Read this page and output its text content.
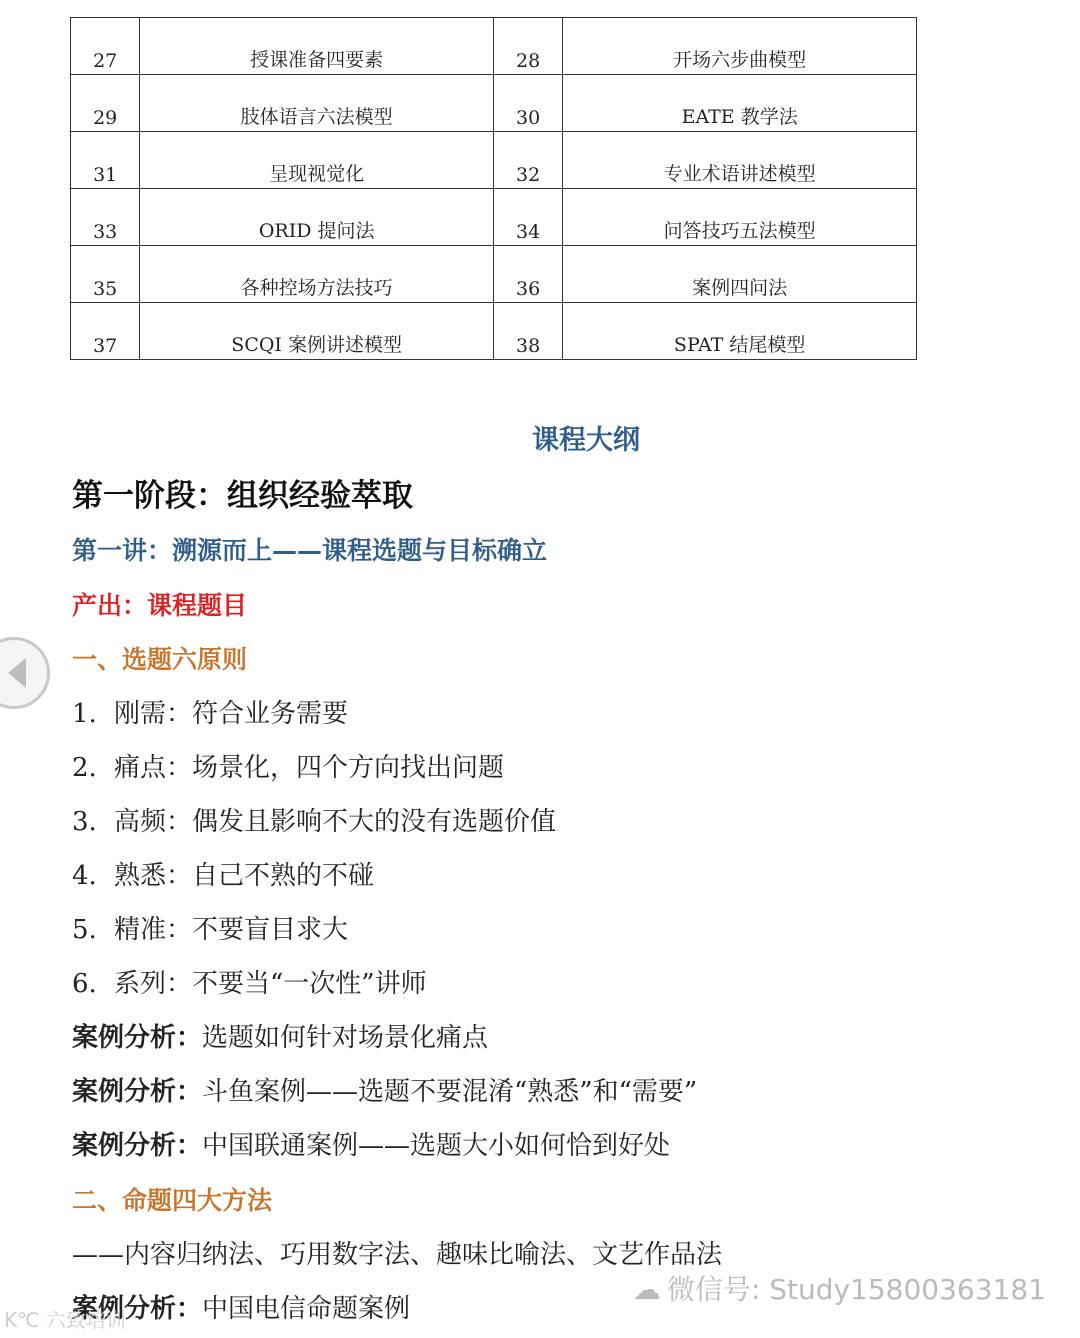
27	授课准备四要素	28	开场六步曲模型
29	肢体语言六法模型	30	EATE 教学法
31	呈现视觉化	32	专业术语讲述模型
33	ORID 提问法	34	问答技巧五法模型
35	各种控场方法技巧	36	案例四问法
37	SCQI 案例讲述模型	38	SPAT 结尾模型
课程大纲
第一阶段：组织经验萃取
第一讲：溯源而上——课程选题与目标确立
产出：课程题目
一、选题六原则
1. 刚需：符合业务需要
2. 痛点：场景化，四个方向找出问题
3. 高频：偶发且影响不大的没有选题价值
4. 熟悉：自己不熟的不碰
5. 精准：不要盲目求大
6. 系列：不要当“一次性”讲师
案例分析：选题如何针对场景化痛点
案例分析：斗鱼案例——选题不要混淆“熟悉”和“需要”
案例分析：中国联通案例——选题大小如何恰到好处
二、命题四大方法
——内容归纳法、巧用数字法、趣味比喻法、文艺作品法
案例分析：中国电信命题案例
☁ 微信号: Study15800363181
K℃ 六致培训
